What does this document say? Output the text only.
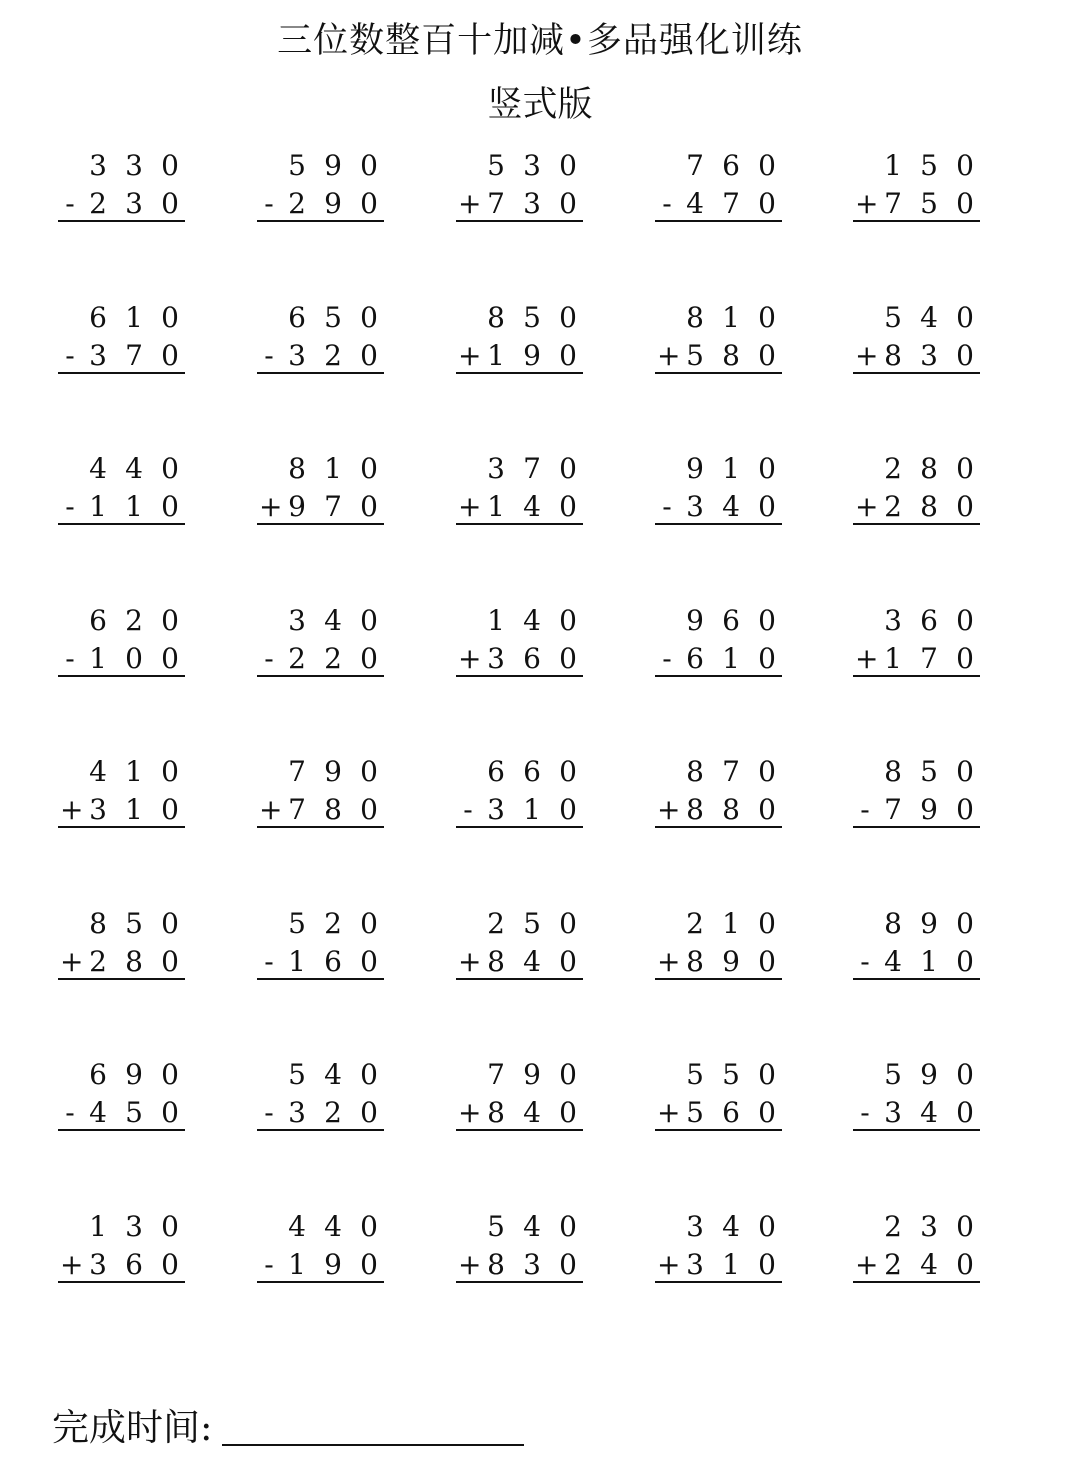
三位数整百十加减•多品强化训练
竖式版
3 3 0
- 2 3 0
5 9 0
- 2 9 0
5 3 0
+ 7 3 0
7 6 0
- 4 7 0
1 5 0
+ 7 5 0
6 1 0
- 3 7 0
6 5 0
- 3 2 0
8 5 0
+ 1 9 0
8 1 0
+ 5 8 0
5 4 0
+ 8 3 0
4 4 0
- 1 1 0
8 1 0
+ 9 7 0
3 7 0
+ 1 4 0
9 1 0
- 3 4 0
2 8 0
+ 2 8 0
6 2 0
- 1 0 0
3 4 0
- 2 2 0
1 4 0
+ 3 6 0
9 6 0
- 6 1 0
3 6 0
+ 1 7 0
4 1 0
+ 3 1 0
7 9 0
+ 7 8 0
6 6 0
- 3 1 0
8 7 0
+ 8 8 0
8 5 0
- 7 9 0
8 5 0
+ 2 8 0
5 2 0
- 1 6 0
2 5 0
+ 8 4 0
2 1 0
+ 8 9 0
8 9 0
- 4 1 0
6 9 0
- 4 5 0
5 4 0
- 3 2 0
7 9 0
+ 8 4 0
5 5 0
+ 5 6 0
5 9 0
- 3 4 0
1 3 0
+ 3 6 0
4 4 0
- 1 9 0
5 4 0
+ 8 3 0
3 4 0
+ 3 1 0
2 3 0
+ 2 4 0
完成时间:
